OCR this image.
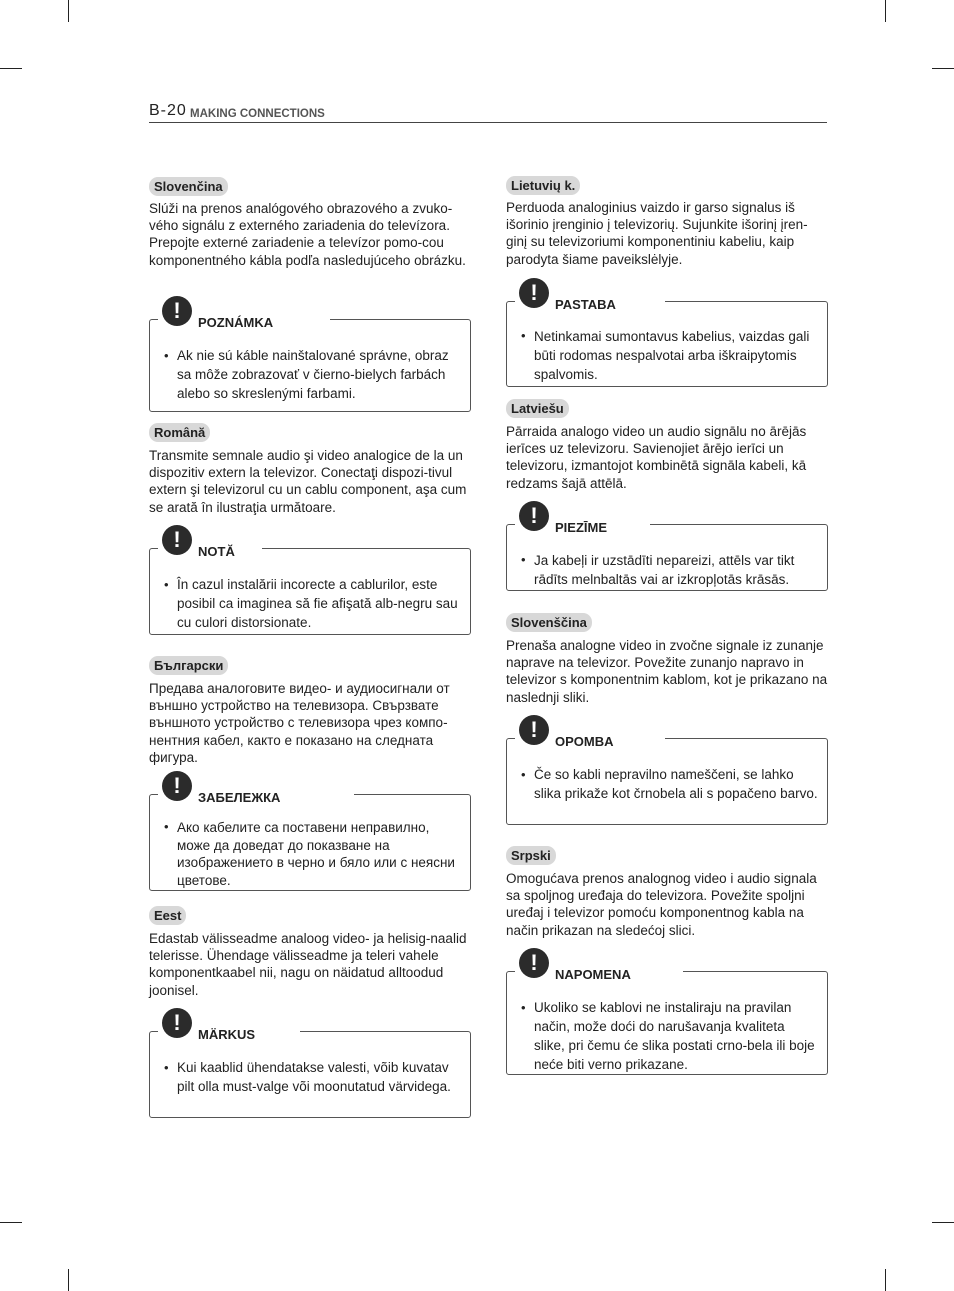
B-20 MAKING CONNECTIONS
Slovenčina

Slúži na prenos analógového obrazového a zvuko-vého signálu z externého zariadenia do televízora. Prepojte externé zariadenie a televízor pomo-cou komponentného kábla podľa nasledujúceho obrázku.

!	POZNÁMKA
• Ak nie sú káble nainštalované správne, obraz sa môže zobrazovať v čierno-bielych farbách alebo so skreslenými farbami.

Română

Transmite semnale audio şi video analogice de la un dispozitiv extern la televizor. Conectaţi dispozi-tivul extern şi televizorul cu un cablu component, aşa cum se arată în ilustraţia următoare.

!	NOTĂ
• În cazul instalării incorecte a cablurilor, este posibil ca imaginea să fie afişată alb-negru sau cu culori distorsionate.

Български

Предава аналоговите видео- и аудиосигнали от външно устройство на телевизора. Свързвате външното устройство с телевизора чрез компо-нентния кабел, както е показано на следната фигура.

!	ЗАБЕЛЕЖКА
• Ако кабелите са поставени неправилно, може да доведат до показване на изображението в черно и бяло или с неясни цветове.

Eest

Edastab välisseadme analoog video- ja helisig-naalid telerisse. Ühendage välisseadme ja teleri vahele komponentkaabel nii, nagu on näidatud alltoodud joonisel.

!	MÄRKUS
• Kui kaablid ühendatakse valesti, võib kuvatav pilt olla must-valge või moonutatud värvidega.

Lietuvių k.

Perduoda analoginius vaizdo ir garso signalus iš išorinio įrenginio į televizorių. Sujunkite išorinį įren-ginį su televizoriumi komponentiniu kabeliu, kaip parodyta šiame paveikslėlyje.

!	PASTABA
• Netinkamai sumontavus kabelius, vaizdas gali būti rodomas nespalvotai arba iškraipytomis spalvomis.

Latviešu

Pārraida analogo video un audio signālu no ārējās ierīces uz televizoru. Savienojiet ārējo ierīci un televizoru, izmantojot kombinētā signāla kabeli, kā redzams šajā attēlā.

!	PIEZĪME
• Ja kabeļi ir uzstādīti nepareizi, attēls var tikt rādīts melnbaltās vai ar izkropļotās krāsās.

Slovenščina

Prenaša analogne video in zvočne signale iz zunanje naprave na televizor. Povežite zunanjo napravo in televizor s komponentnim kablom, kot je prikazano na naslednji sliki.

!	OPOMBA
• Če so kabli nepravilno nameščeni, se lahko slika prikaže kot črnobela ali s popačeno barvo.

Srpski

Omogućava prenos analognog video i audio signala sa spoljnog uređaja do televizora. Povežite spoljni uređaj i televizor pomoću komponentnog kabla na način prikazan na sledećoj slici.

!	NAPOMENA
• Ukoliko se kablovi ne instaliraju na pravilan način, može doći do narušavanja kvaliteta slike, pri čemu će slika postati crno-bela ili boje neće biti verno prikazane.
